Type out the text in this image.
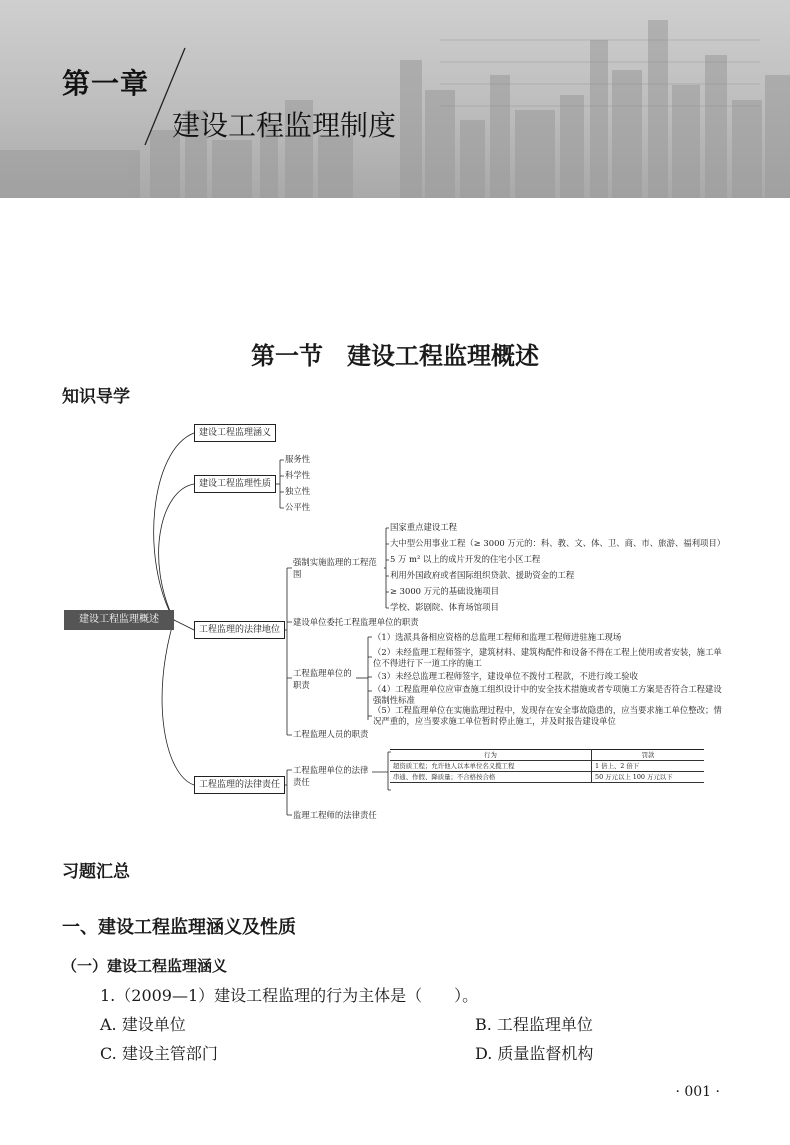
第一章
建设工程监理制度
第一节　建设工程监理概述
知识导学
建设工程监理概述
建设工程监理涵义
建设工程监理性质
服务性
科学性
独立性
公平性
工程监理的法律地位
强制实施监理的工程范围
国家重点建设工程
大中型公用事业工程（≥ 3000 万元的：科、教、文、体、卫、商、市、旅游、福利项目）
5 万 m² 以上的成片开发的住宅小区工程
利用外国政府或者国际组织贷款、援助资金的工程
≥ 3000 万元的基础设施项目
学校、影剧院、体育场馆项目
建设单位委托工程监理单位的职责
工程监理单位的职责
（1）选派具备相应资格的总监理工程师和监理工程师进驻施工现场
（2）未经监理工程师签字，建筑材料、建筑构配件和设备不得在工程上使用或者安装，施工单位不得进行下一道工序的施工
（3）未经总监理工程师签字，建设单位不拨付工程款，不进行竣工验收
（4）工程监理单位应审查施工组织设计中的安全技术措施或者专项施工方案是否符合工程建设强制性标准
（5）工程监理单位在实施监理过程中，发现存在安全事故隐患的，应当要求施工单位整改；情况严重的，应当要求施工单位暂时停止施工，并及时报告建设单位
工程监理人员的职责
工程监理的法律责任
工程监理单位的法律责任
行为	罚款
超资质工程；允许他人以本单位名义揽工程	1 倍上、2 倍下
串通、作假、降质量；不合格按合格	50 万元以上 100 万元以下
监理工程师的法律责任
习题汇总
一、建设工程监理涵义及性质
（一）建设工程监理涵义
1.（2009—1）建设工程监理的行为主体是（　　）。
A. 建设单位	B. 工程监理单位
C. 建设主管部门	D. 质量监督机构
· 001 ·
